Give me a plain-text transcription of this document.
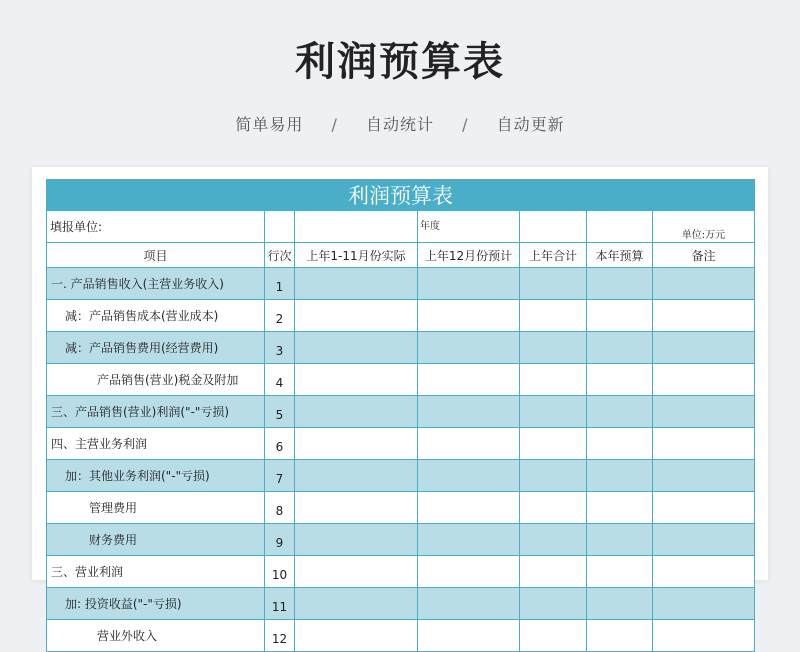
利润预算表
简单易用 / 自动统计 / 自动更新
利润预算表						
填报单位:			年度			单位:万元
项目	行次	上年1-11月份实际	上年12月份预计	上年合计	本年预算	备注
一. 产品销售收入(主营业务收入)	1					
减：产品销售成本(营业成本)	2					
减：产品销售费用(经营费用)	3					
产品销售(营业)税金及附加	4					
三、产品销售(营业)利润("-"亏损)	5					
四、主营业务利润	6					
加：其他业务利润("-"亏损)	7					
管理费用	8					
财务费用	9					
三、营业利润	10					
加: 投资收益("-"亏损)	11					
营业外收入	12					
